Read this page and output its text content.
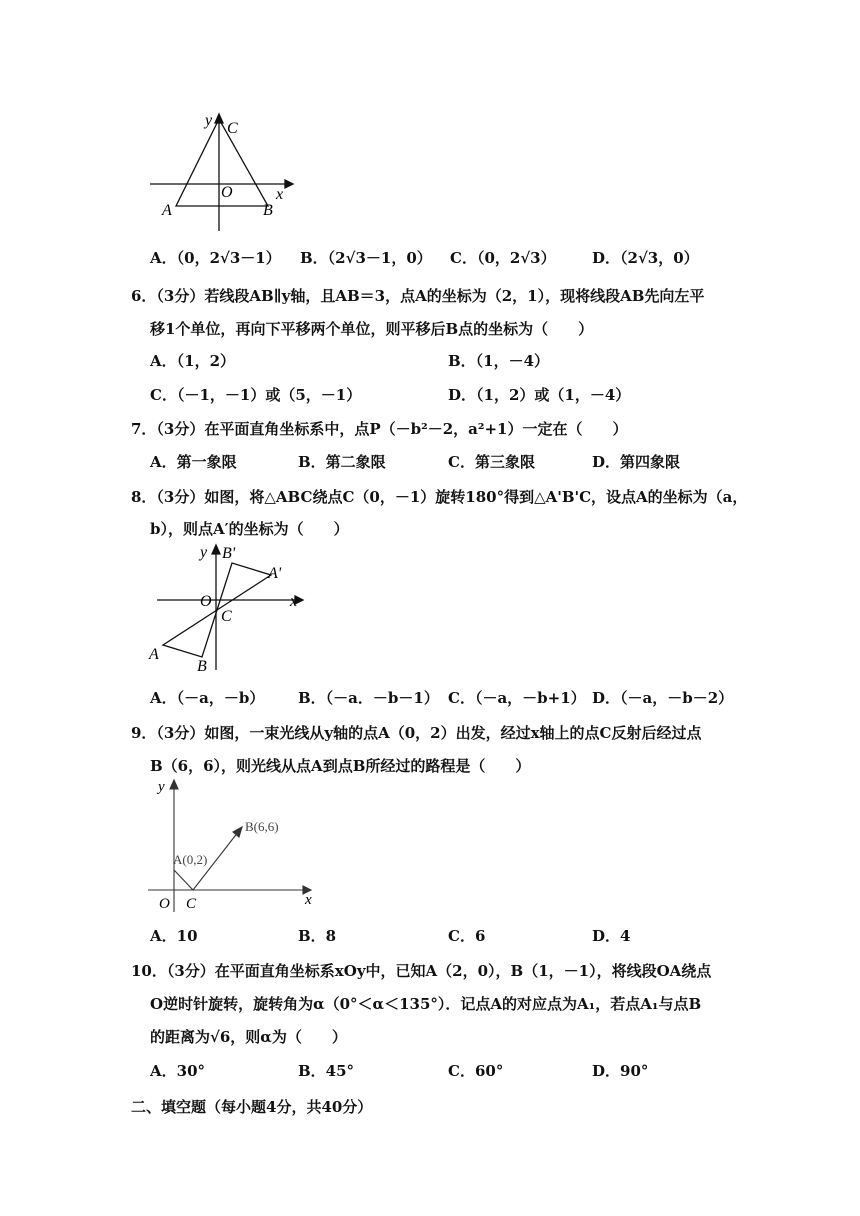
y C
O	x
A	B
A．（0，2√3－1） B．（2√3－1，0） C．（0，2√3） D．（2√3，0）
6．（3分）若线段AB∥y轴，且AB＝3，点A的坐标为（2，1），现将线段AB先向左平
移1个单位，再向下平移两个单位，则平移后B点的坐标为（　　）
A．（1，2）	B．（1，－4）
C．（－1，－1）或（5，－1）	D．（1，2）或（1，－4）
7．（3分）在平面直角坐标系中，点P（－b²－2，a²+1）一定在（　　）
A．第一象限	B．第二象限	C．第三象限	D．第四象限
8．（3分）如图，将△ABC绕点C（0，－1）旋转180°得到△A'B'C，设点A的坐标为（a，
b），则点A′的坐标为（　　）
y B'
A'
O
C
x
A
B
A．（－a，－b） B．（－a．－b－1） C．（－a，－b+1） D．（－a，－b－2）
9．（3分）如图，一束光线从y轴的点A（0，2）出发，经过x轴上的点C反射后经过点
B（6，6），则光线从点A到点B所经过的路程是（　　）
y
B(6,6)
A(0,2)
O C	x
A．10	B．8	C．6	D．4
10．（3分）在平面直角坐标系xOy中，已知A（2，0），B（1，－1），将线段OA绕点
O逆时针旋转，旋转角为α（0°＜α＜135°）．记点A的对应点为A₁，若点A₁与点B
的距离为√6，则α为（　　）
A．30°	B．45°	C．60°	D．90°
二、填空题（每小题4分，共40分）
